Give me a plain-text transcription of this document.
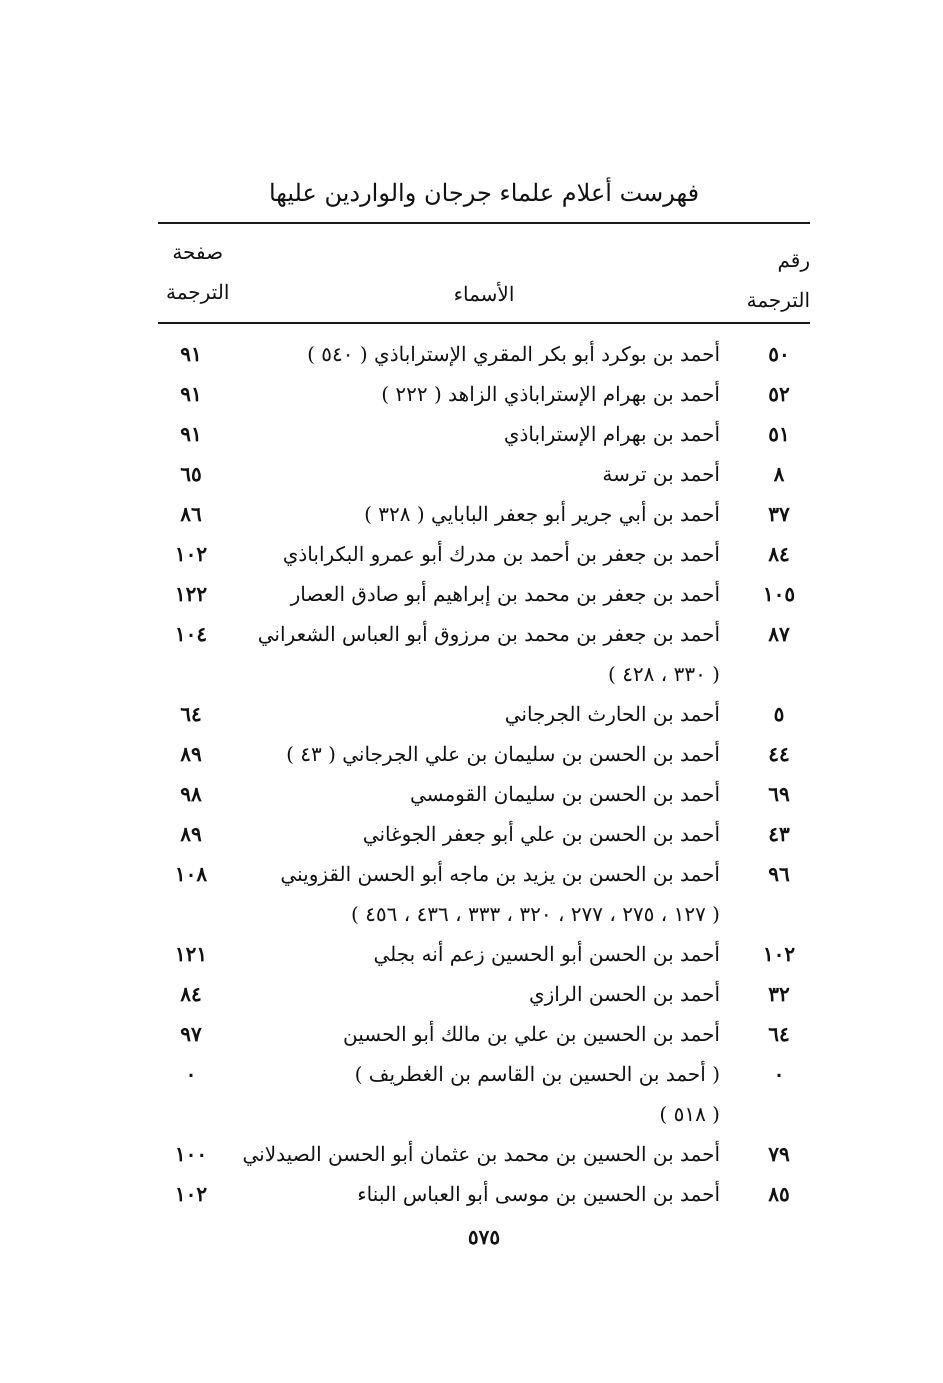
فهرست أعلام علماء جرجان والواردين عليها
رقم
الترجمة
الأسماء
صفحة
الترجمة
٥٠
أحمد بن بوكرد أبو بكر المقري الإستراباذي ( ٥٤٠ )
٩١
٥٢
أحمد بن بهرام الإستراباذي الزاهد ( ٢٢٢ )
٩١
٥١
أحمد بن بهرام الإستراباذي
٩١
٨
أحمد بن ترسة
٦٥
٣٧
أحمد بن أبي جرير أبو جعفر البابايي ( ٣٢٨ )
٨٦
٨٤
أحمد بن جعفر بن أحمد بن مدرك أبو عمرو البكراباذي
١٠٢
١٠٥
أحمد بن جعفر بن محمد بن إبراهيم أبو صادق العصار
١٢٢
٨٧
أحمد بن جعفر بن محمد بن مرزوق أبو العباس الشعراني
١٠٤
( ٣٣٠ ، ٤٢٨ )
٥
أحمد بن الحارث الجرجاني
٦٤
٤٤
أحمد بن الحسن بن سليمان بن علي الجرجاني ( ٤٣ )
٨٩
٦٩
أحمد بن الحسن بن سليمان القومسي
٩٨
٤٣
أحمد بن الحسن بن علي أبو جعفر الجوغاني
٨٩
٩٦
أحمد بن الحسن بن يزيد بن ماجه أبو الحسن القزويني
١٠٨
( ١٢٧ ، ٢٧٥ ، ٢٧٧ ، ٣٢٠ ، ٣٣٣ ، ٤٣٦ ، ٤٥٦ )
١٠٢
أحمد بن الحسن أبو الحسين زعم أنه بجلي
١٢١
٣٢
أحمد بن الحسن الرازي
٨٤
٦٤
أحمد بن الحسين بن علي بن مالك أبو الحسين
٩٧
٠
( أحمد بن الحسين بن القاسم بن الغطريف )
٠
( ٥١٨ )
٧٩
أحمد بن الحسين بن محمد بن عثمان أبو الحسن الصيدلاني
١٠٠
٨٥
أحمد بن الحسين بن موسى أبو العباس البناء
١٠٢
٥٧٥
